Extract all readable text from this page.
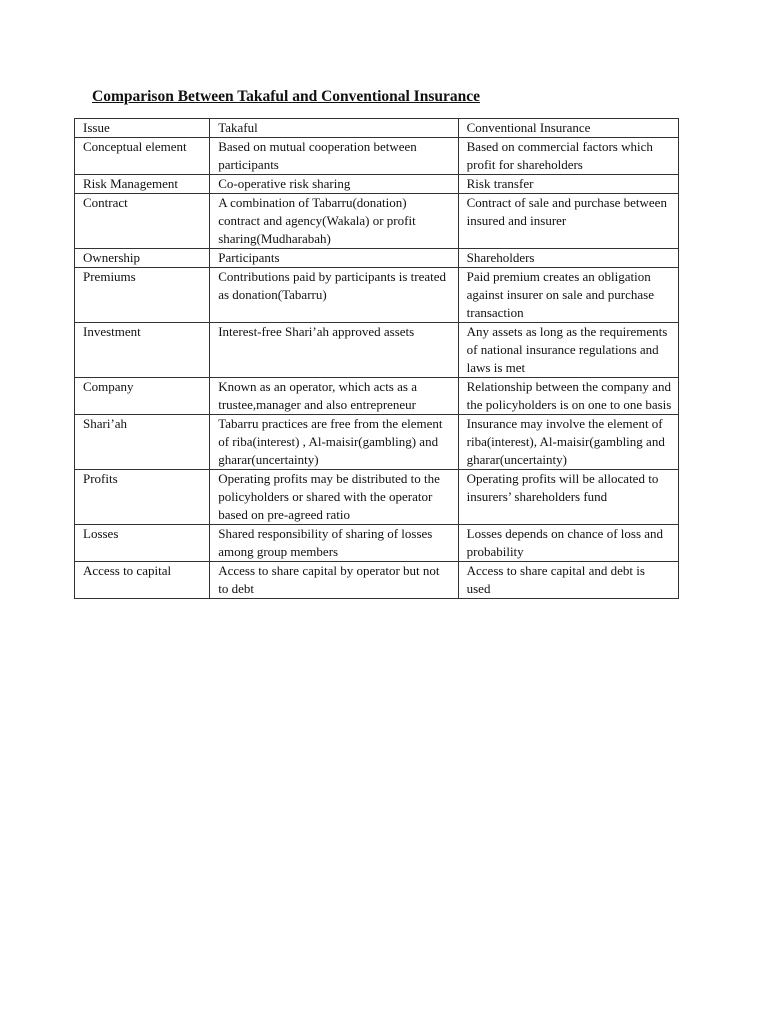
Comparison Between Takaful and Conventional Insurance
Issue	Takaful	Conventional Insurance
Conceptual element	Based on mutual cooperation between participants	Based on commercial factors which profit for shareholders
Risk Management	Co-operative risk sharing	Risk transfer
Contract	A combination of Tabarru(donation) contract and agency(Wakala) or profit sharing(Mudharabah)	Contract of sale and purchase between insured and insurer
Ownership	Participants	Shareholders
Premiums	Contributions paid by participants is treated as donation(Tabarru)	Paid premium creates an obligation against insurer on sale and purchase transaction
Investment	Interest-free Shari’ah approved assets	Any assets as long as the requirements of national insurance regulations and laws is met
Company	Known as an operator, which acts as a trustee,manager and also entrepreneur	Relationship between the company and the policyholders is on one to one basis
Shari’ah	Tabarru practices are free from the element of riba(interest) , Al-maisir(gambling) and gharar(uncertainty)	Insurance may involve the element of riba(interest), Al-maisir(gambling and gharar(uncertainty)
Profits	Operating profits may be distributed to the policyholders or shared with the operator based on pre-agreed ratio	Operating profits will be allocated to insurers’ shareholders fund
Losses	Shared responsibility of sharing of losses among group members	Losses depends on chance of loss and probability
Access to capital	Access to share capital by operator but not to debt	Access to share capital and debt is used
